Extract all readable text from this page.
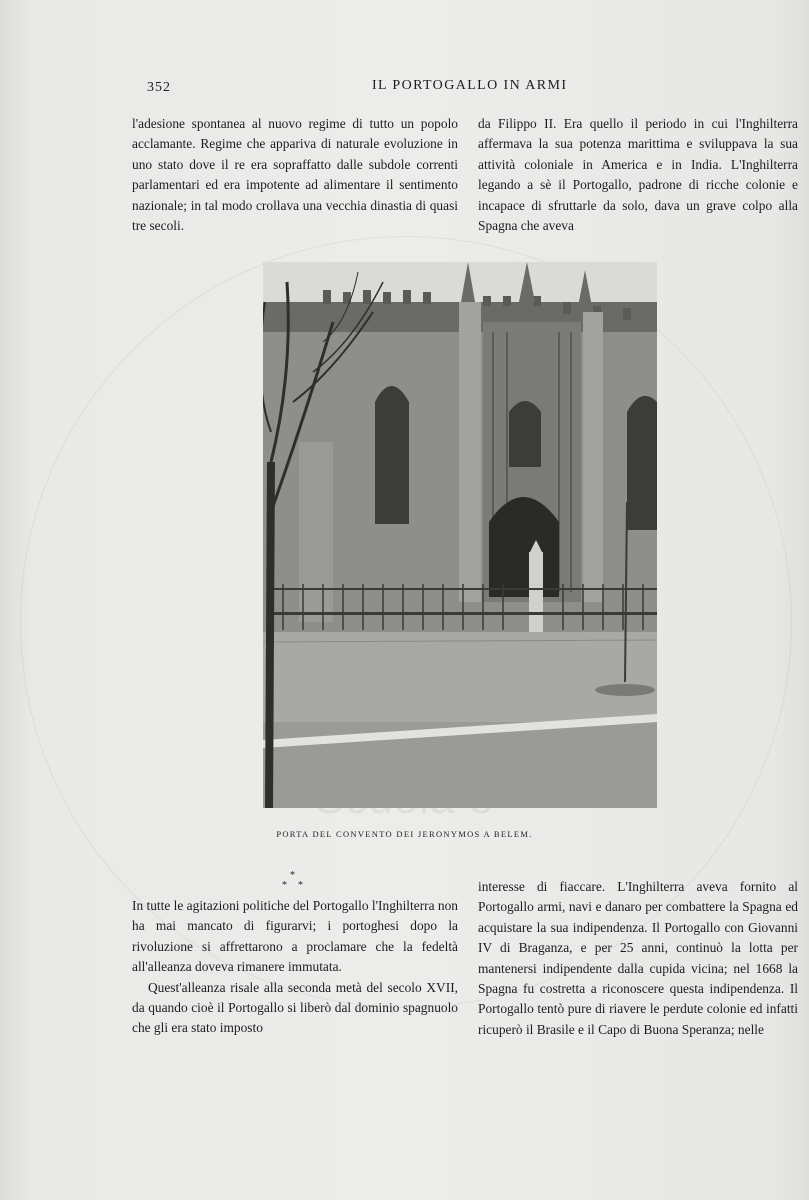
352	IL PORTOGALLO IN ARMI

l'adesione spontanea al nuovo regime di tutto un popolo acclamante. Regime che appariva di naturale evoluzione in uno stato dove il re era sopraffatto dalle subdole correnti parlamentari ed era impotente ad alimentare il sentimento nazionale; in tal modo crollava una vecchia dinastia di quasi tre secoli.

da Filippo II. Era quello il periodo in cui l'Inghilterra affermava la sua potenza marittima e sviluppava la sua attività coloniale in America e in India. L'Inghilterra legando a sè il Portogallo, padrone di ricche colonie e incapace di sfruttarle da solo, dava un grave colpo alla Spagna che aveva

PORTA DEL CONVENTO DEI JERONYMOS A BELEM.
*
* *

In tutte le agitazioni politiche del Portogallo l'Inghilterra non ha mai mancato di figurarvi; i portoghesi dopo la rivoluzione si affrettarono a proclamare che la fedeltà all'alleanza doveva rimanere immutata.

Quest'alleanza risale alla seconda metà del secolo XVII, da quando cioè il Portogallo si liberò dal dominio spagnuolo che gli era stato imposto

interesse di fiaccare. L'Inghilterra aveva fornito al Portogallo armi, navi e danaro per combattere la Spagna ed acquistare la sua indipendenza. Il Portogallo con Giovanni IV di Braganza, e per 25 anni, continuò la lotta per mantenersi indipendente dalla cupida vicina; nel 1668 la Spagna fu costretta a riconoscere questa indipendenza. Il Portogallo tentò pure di riavere le perdute colonie ed infatti ricuperò il Brasile e il Capo di Buona Speranza; nelle
